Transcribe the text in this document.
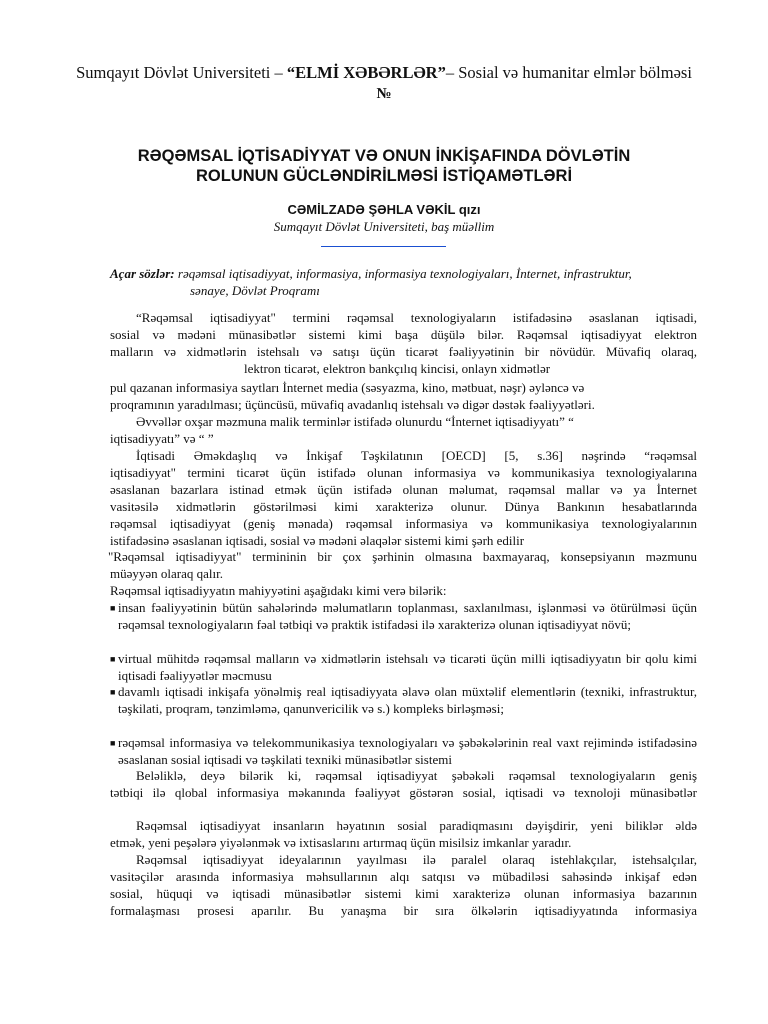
Sumqayıt Dövlət Universiteti – “ELMİ XƏBƏRLƏR”– Sosial və humanitar elmlər bölməsi
№
RƏQƏMSAL İQTİSADİYYAT VƏ ONUN İNKİŞAFINDA DÖVLƏTİN
ROLUNUN GÜCLƏNDİRİLMƏSİ İSTİQAMƏTLƏRİ
CƏMİLZADƏ ŞƏHLA VƏKİL qızı
Sumqayıt Dövlət Universiteti, baş müəllim
Açar sözlər: rəqəmsal iqtisadiyyat, informasiya, informasiya texnologiyaları, İnternet, infrastruktur,
sənaye, Dövlət Proqramı
“Rəqəmsal iqtisadiyyat" termini rəqəmsal texnologiyaların istifadəsinə əsaslanan iqtisadi,
sosial və mədəni münasibətlər sistemi kimi başa düşülə bilər. Rəqəmsal iqtisadiyyat elektron
malların və xidmətlərin istehsalı və satışı üçün ticarət fəaliyyətinin bir növüdür. Müvafiq olaraq,
lektron ticarət, elektron bankçılıq kincisi, onlayn xidmətlər
pul qazanan informasiya saytları İnternet media (səsyazma, kino, mətbuat, nəşr) əyləncə və
proqramının yaradılması; üçüncüsü, müvafiq avadanlıq istehsalı və digər dəstək fəaliyyətləri.
Əvvəllər oxşar məzmuna malik terminlər istifadə olunurdu “İnternet iqtisadiyyatı” “
iqtisadiyyatı” və “ ”
İqtisadi Əməkdaşlıq və İnkişaf Təşkilatının [OECD] [5, s.36] nəşrində “rəqəmsal
iqtisadiyyat" termini ticarət üçün istifadə olunan informasiya və kommunikasiya texnologiyalarına
əsaslanan bazarlara istinad etmək üçün istifadə olunan məlumat, rəqəmsal mallar və ya İnternet
vasitəsilə xidmətlərin göstərilməsi kimi xarakterizə olunur. Dünya Bankının hesabatlarında
rəqəmsal iqtisadiyyat (geniş mənada) rəqəmsal informasiya və kommunikasiya texnologiyalarının
istifadəsinə əsaslanan iqtisadi, sosial və mədəni əlaqələr sistemi kimi şərh edilir
"Rəqəmsal iqtisadiyyat" termininin bir çox şərhinin olmasına baxmayaraq, konsepsiyanın məzmunu
müəyyən olaraq qalır.
Rəqəmsal iqtisadiyyatın mahiyyətini aşağıdakı kimi verə bilərik:
■ insan fəaliyyətinin bütün sahələrində məlumatların toplanması, saxlanılması, işlənməsi və ötürülməsi üçün rəqəmsal texnologiyaların fəal tətbiqi və praktik istifadəsi ilə xarakterizə olunan iqtisadiyyat növü;
■ virtual mühitdə rəqəmsal malların və xidmətlərin istehsalı və ticarəti üçün milli iqtisadiyyatın bir qolu kimi iqtisadi fəaliyyətlər məcmusu
■ davamlı iqtisadi inkişafa yönəlmiş real iqtisadiyyata əlavə olan müxtəlif elementlərin (texniki, infrastruktur, təşkilati, proqram, tənzimləmə, qanunvericilik və s.) kompleks birləşməsi;
■ rəqəmsal informasiya və telekommunikasiya texnologiyaları və şəbəkələrinin real vaxt rejimində istifadəsinə əsaslanan sosial iqtisadi və təşkilati texniki münasibətlər sistemi
Beləliklə, deyə bilərik ki, rəqəmsal iqtisadiyyat şəbəkəli rəqəmsal texnologiyaların geniş
tətbiqi ilə qlobal informasiya məkanında fəaliyyət göstərən sosial, iqtisadi və texnoloji münasibətlər
Rəqəmsal iqtisadiyyat insanların həyatının sosial paradiqmasını dəyişdirir, yeni biliklər əldə
etmək, yeni peşələrə yiyələnmək və ixtisaslarını artırmaq üçün misilsiz imkanlar yaradır.
Rəqəmsal iqtisadiyyat ideyalarının yayılması ilə paralel olaraq istehlakçılar, istehsalçılar,
vasitəçilər arasında informasiya məhsullarının alqı satqısı və mübadiləsi sahəsində inkişaf edən
sosial, hüquqi və iqtisadi münasibətlər sistemi kimi xarakterizə olunan informasiya bazarının
formalaşması prosesi aparılır. Bu yanaşma bir sıra ölkələrin iqtisadiyyatında informasiya
